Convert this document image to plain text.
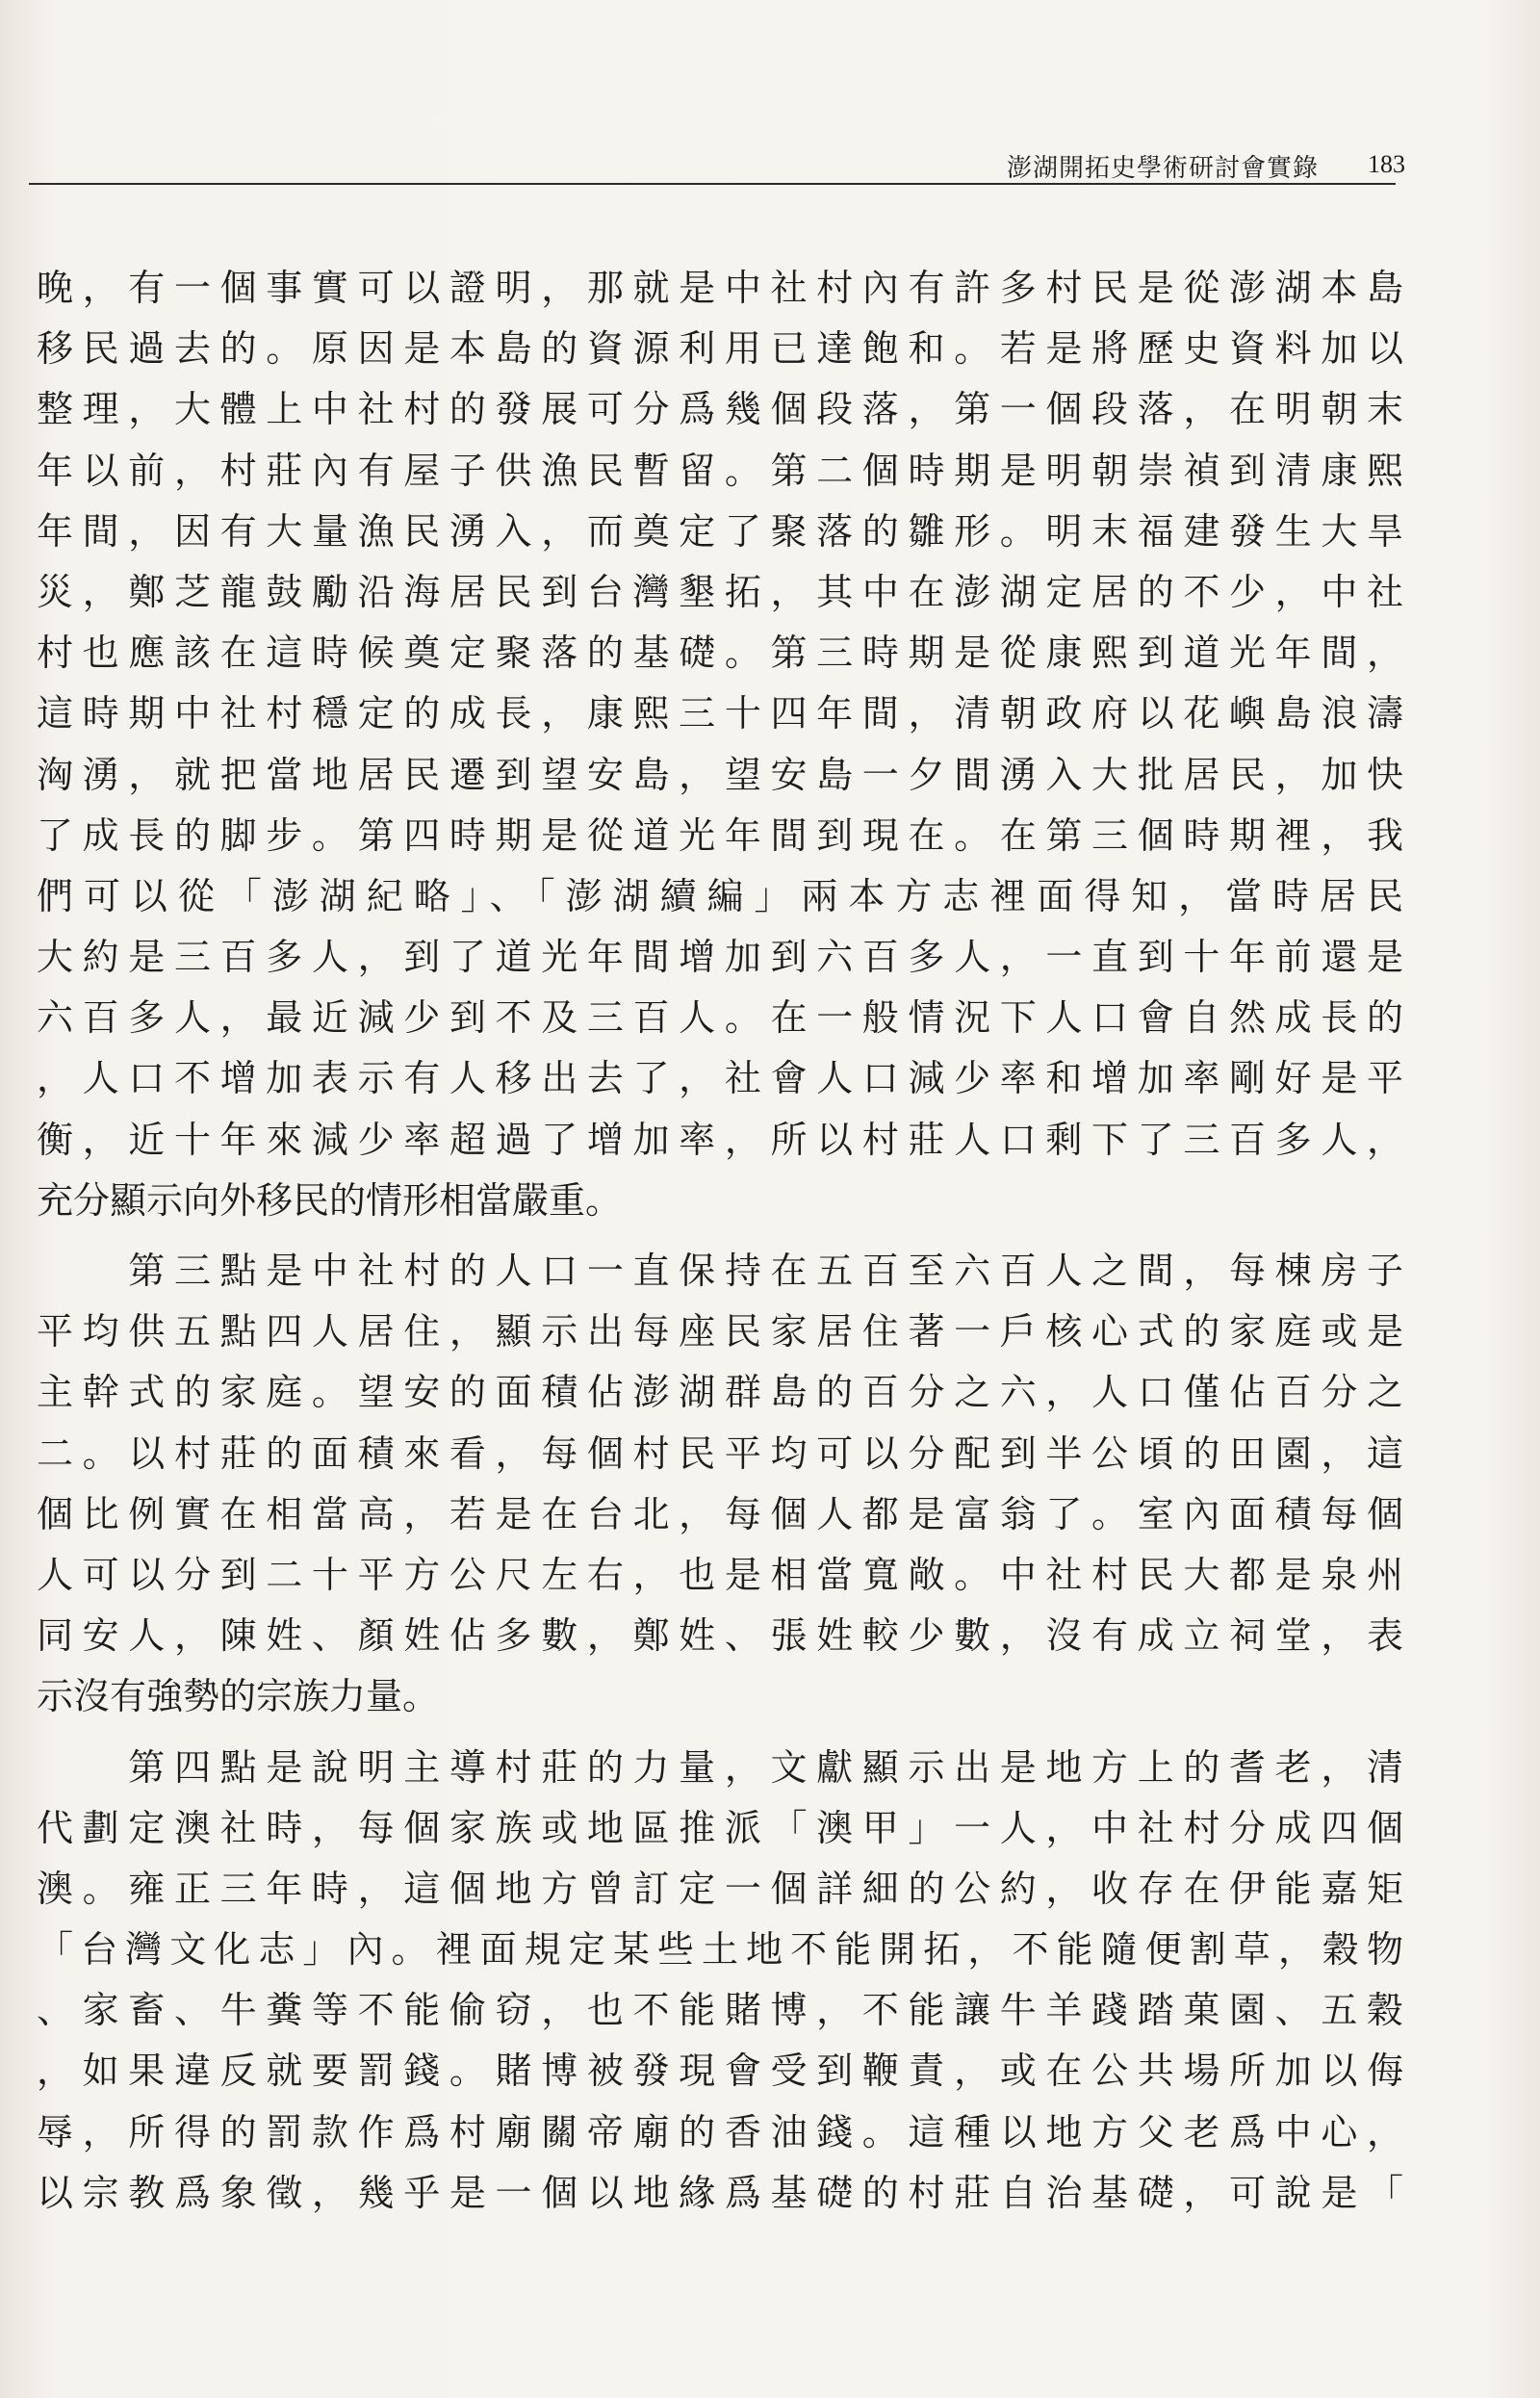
澎湖開拓史學術研討會實錄 183
晚，有一個事實可以證明，那就是中社村內有許多村民是從澎湖本島
移民過去的。原因是本島的資源利用已達飽和。若是將歷史資料加以
整理，大體上中社村的發展可分爲幾個段落，第一個段落，在明朝末
年以前，村莊內有屋子供漁民暫留。第二個時期是明朝崇禎到清康熙
年間，因有大量漁民湧入，而奠定了聚落的雛形。明末福建發生大旱
災，鄭芝龍鼓勵沿海居民到台灣墾拓，其中在澎湖定居的不少，中社
村也應該在這時候奠定聚落的基礎。第三時期是從康熙到道光年間，
這時期中社村穩定的成長，康熙三十四年間，清朝政府以花嶼島浪濤
洶湧，就把當地居民遷到望安島，望安島一夕間湧入大批居民，加快
了成長的脚步。第四時期是從道光年間到現在。在第三個時期裡，我
們可以從「澎湖紀略」、「澎湖續編」兩本方志裡面得知，當時居民
大約是三百多人，到了道光年間增加到六百多人，一直到十年前還是
六百多人，最近減少到不及三百人。在一般情況下人口會自然成長的
，人口不增加表示有人移出去了，社會人口減少率和增加率剛好是平
衡，近十年來減少率超過了增加率，所以村莊人口剩下了三百多人，
充分顯示向外移民的情形相當嚴重。
　　第三點是中社村的人口一直保持在五百至六百人之間，每棟房子
平均供五點四人居住，顯示出每座民家居住著一戶核心式的家庭或是
主幹式的家庭。望安的面積佔澎湖群島的百分之六，人口僅佔百分之
二。以村莊的面積來看，每個村民平均可以分配到半公頃的田園，這
個比例實在相當高，若是在台北，每個人都是富翁了。室內面積每個
人可以分到二十平方公尺左右，也是相當寬敞。中社村民大都是泉州
同安人，陳姓、顏姓佔多數，鄭姓、張姓較少數，沒有成立祠堂，表
示沒有強勢的宗族力量。
　　第四點是說明主導村莊的力量，文獻顯示出是地方上的耆老，清
代劃定澳社時，每個家族或地區推派「澳甲」一人，中社村分成四個
澳。雍正三年時，這個地方曾訂定一個詳細的公約，收存在伊能嘉矩
「台灣文化志」內。裡面規定某些土地不能開拓，不能隨便割草，穀物
、家畜、牛糞等不能偷窃，也不能賭博，不能讓牛羊踐踏菓園、五穀
，如果違反就要罰錢。賭博被發現會受到鞭責，或在公共場所加以侮
辱，所得的罰款作爲村廟關帝廟的香油錢。這種以地方父老爲中心，
以宗教爲象徵，幾乎是一個以地緣爲基礎的村莊自治基礎，可說是「
